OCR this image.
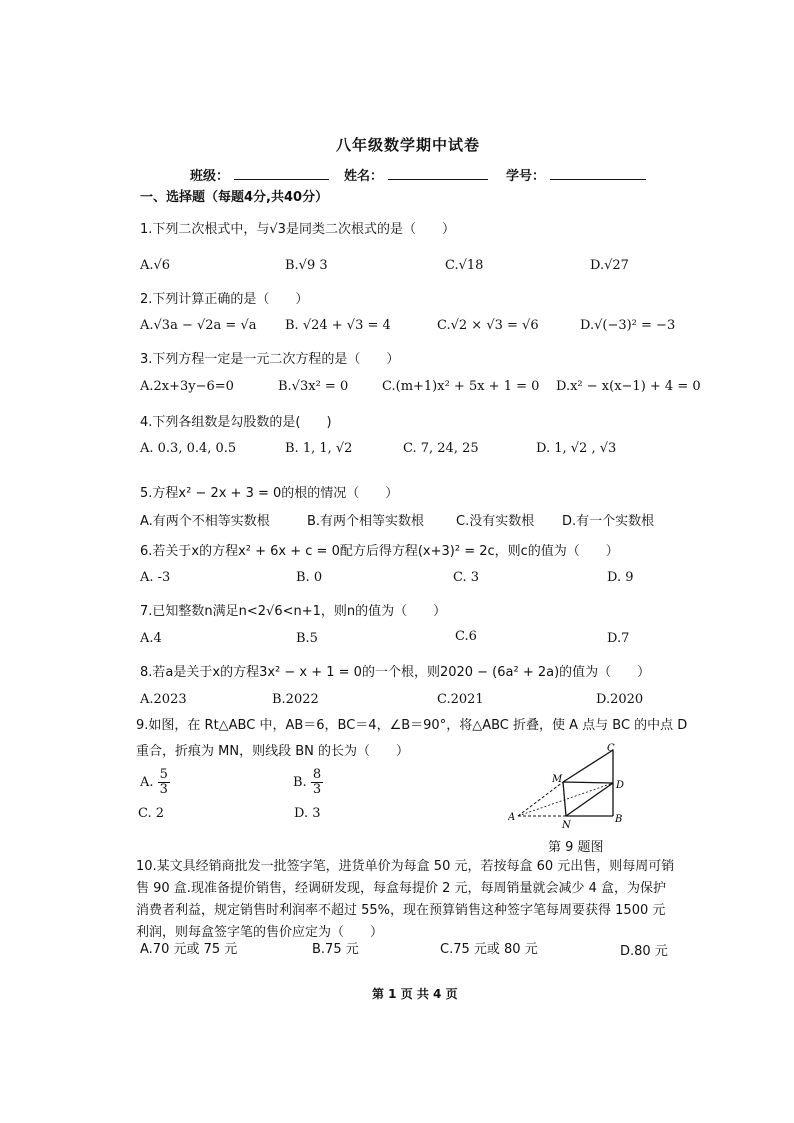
八年级数学期中试卷
班级：	姓名：	学号：
一、选择题（每题4分,共40分）
1.下列二次根式中，与√3是同类二次根式的是（　　）
A.√6	B.√9 3	C.√18	D.√27
2.下列计算正确的是（　　）
A.√3a − √2a = √a B. √24 + √3 = 4	C.√2 × √3 = √6	D.√(−3)² = −3
3.下列方程一定是一元二次方程的是（　　）
A.2x+3y−6=0	B.√3x² = 0	C.(m+1)x² + 5x + 1 = 0 D.x² − x(x−1) + 4 = 0
4.下列各组数是勾股数的是(　　)
A. 0.3, 0.4, 0.5	B. 1, 1, √2	C. 7, 24, 25	D. 1, √2 , √3
5.方程x² − 2x + 3 = 0的根的情况（　　）
A.有两个不相等实数根	B.有两个相等实数根 C.没有实数根 D.有一个实数根
6.若关于x的方程x² + 6x + c = 0配方后得方程(x+3)² = 2c，则c的值为（　　）
A. -3	B. 0	C. 3	D. 9
7.已知整数n满足n<2√6<n+1，则n的值为（　　）
A.4	B.5	C.6	D.7
8.若a是关于x的方程3x² − x + 1 = 0的一个根，则2020 − (6a² + 2a)的值为（　　）
A.2023	B.2022	C.2021	D.2020
9.如图，在 Rt△ABC 中，AB＝6，BC＝4，∠B＝90°，将△ABC 折叠，使 A 点与 BC 的中点 D
重合，折痕为 MN，则线段 BN 的长为（　　）
A. $\frac{5}{3}$	B. $\frac{8}{3}$
C. 2	D. 3	A	B
C
D
M
N
第 9 题图
10.某文具经销商批发一批签字笔，进货单价为每盒 50 元，若按每盒 60 元出售，则每周可销售 90 盒.现准备提价销售，经调研发现，每盒每提价 2 元，每周销量就会减少 4 盒，为保护消费者利益，规定销售时利润率不超过 55%，现在预算销售这种签字笔每周要获得 1500 元利润，则每盒签字笔的售价应定为（　　）
A.70 元或 75 元	B.75 元	C.75 元或 80 元	D.80 元
第 1 页 共 4 页
